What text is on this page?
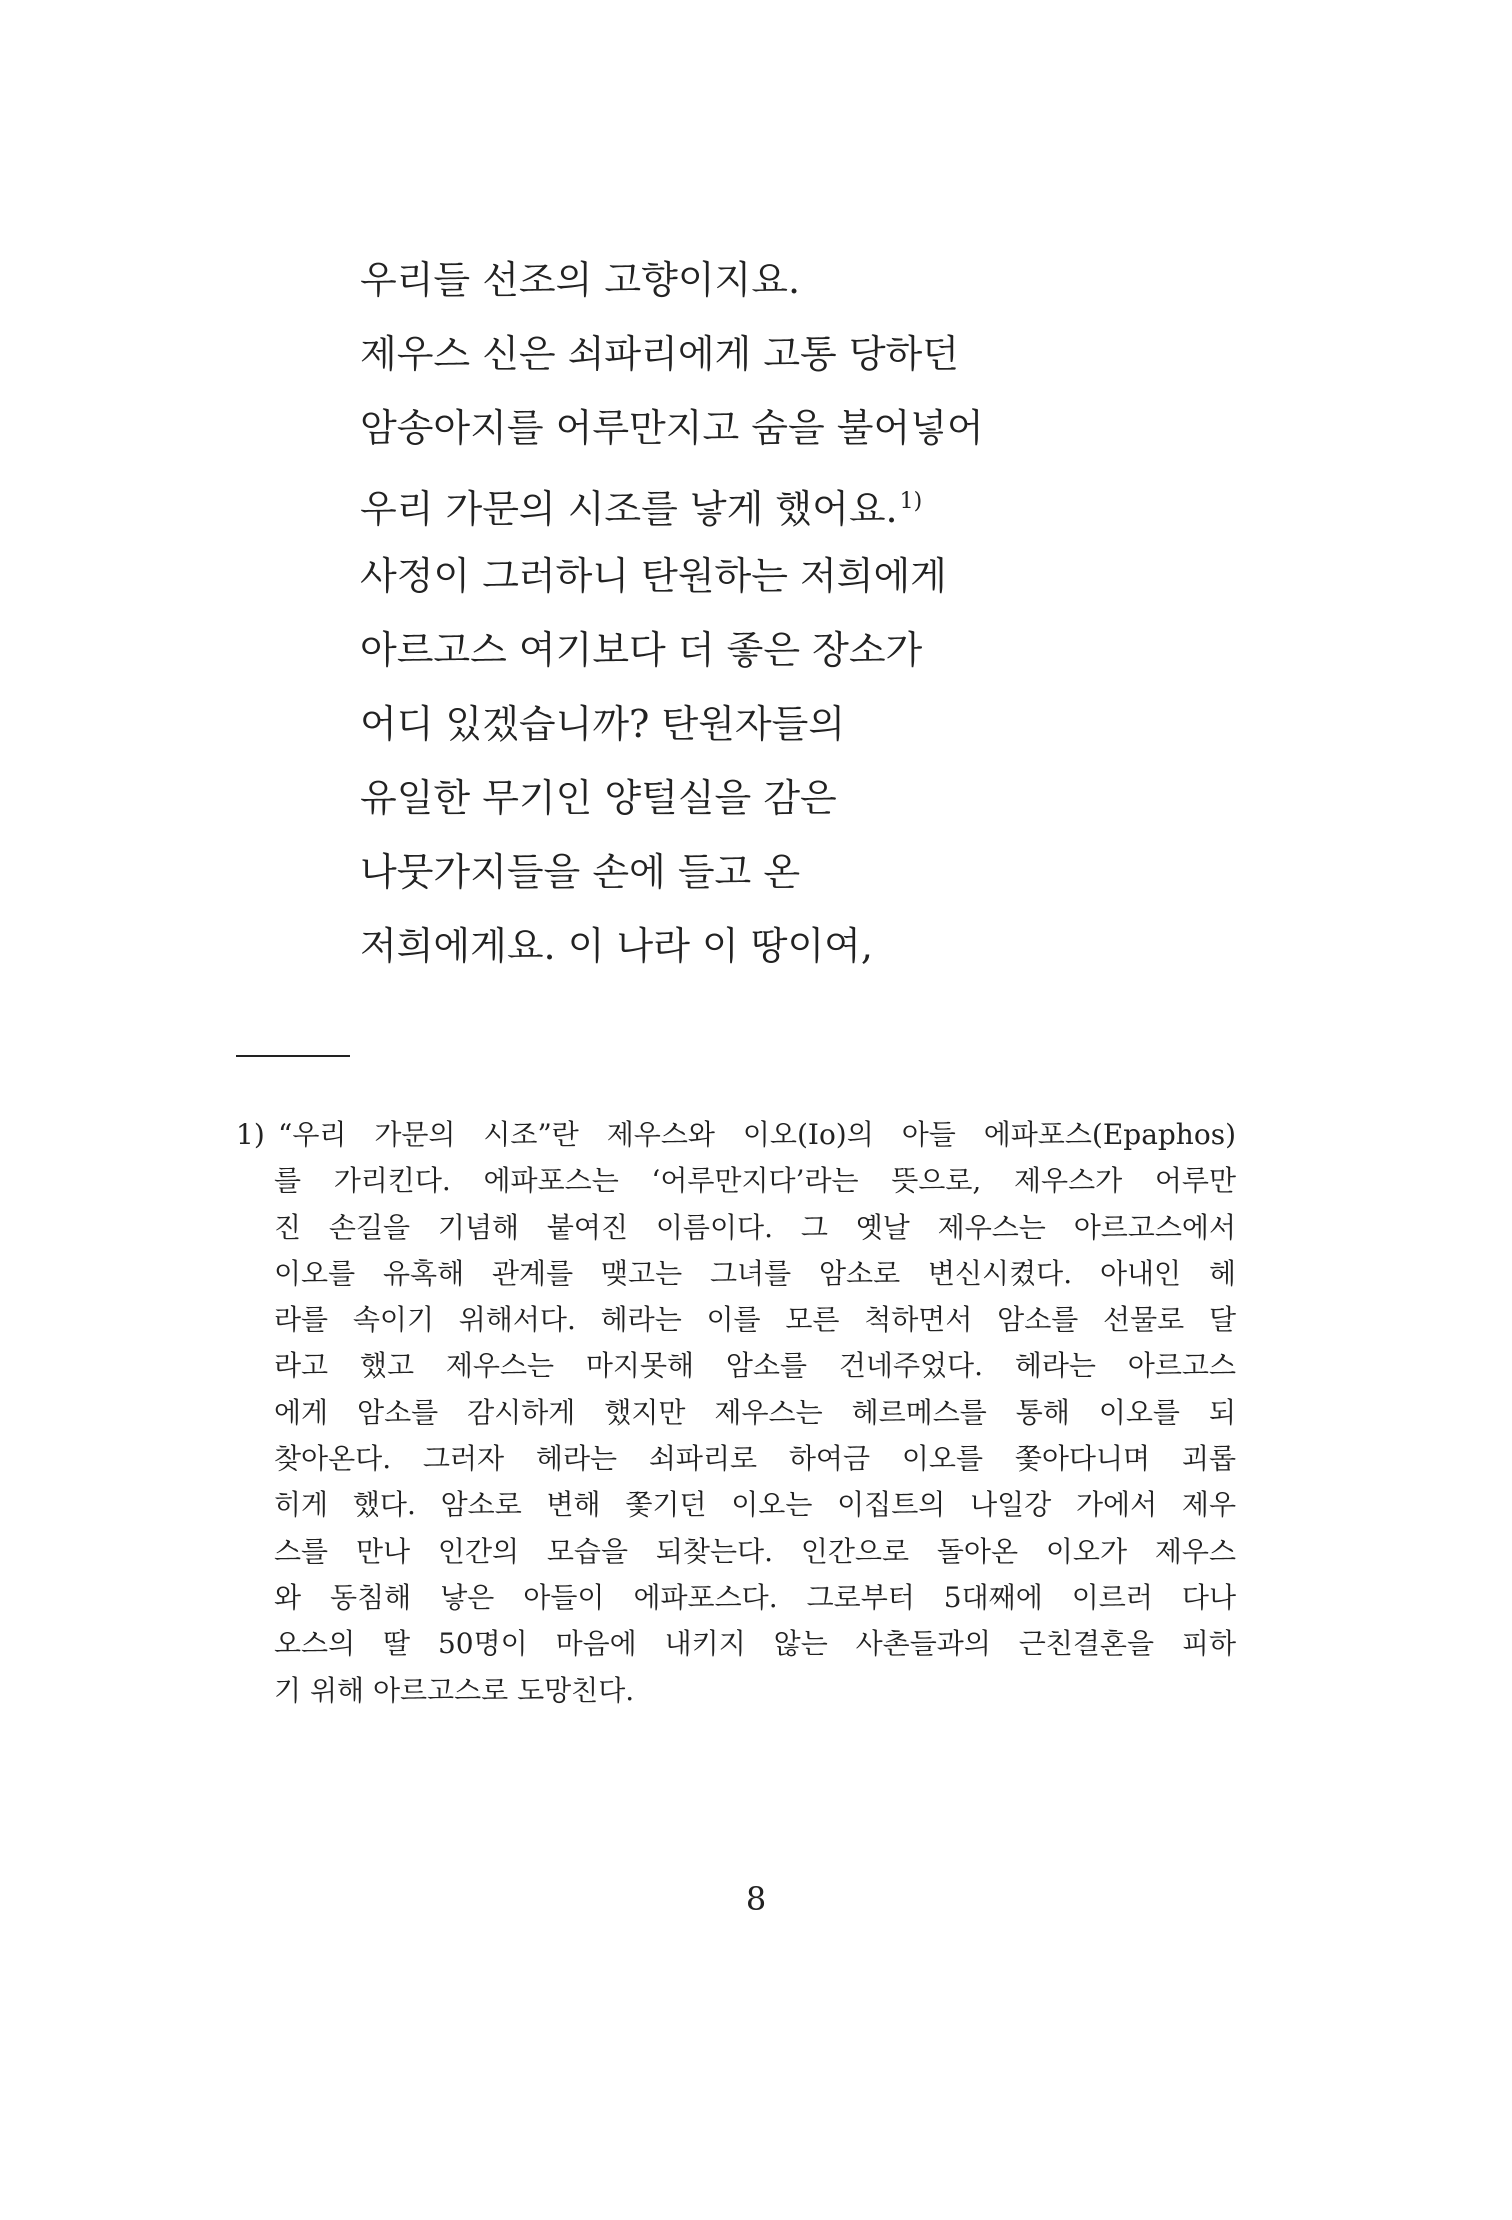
우리들 선조의 고향이지요.
제우스 신은 쇠파리에게 고통 당하던
암송아지를 어루만지고 숨을 불어넣어
우리 가문의 시조를 낳게 했어요.$^{1)}$
사정이 그러하니 탄원하는 저희에게
아르고스 여기보다 더 좋은 장소가
어디 있겠습니까? 탄원자들의
유일한 무기인 양털실을 감은
나뭇가지들을 손에 들고 온
저희에게요. 이 나라 이 땅이여,
1) “우리 가문의 시조”란 제우스와 이오(Io)의 아들 에파포스(Epaphos)
를 가리킨다. 에파포스는 ‘어루만지다’라는 뜻으로, 제우스가 어루만
진 손길을 기념해 붙여진 이름이다. 그 옛날 제우스는 아르고스에서
이오를 유혹해 관계를 맺고는 그녀를 암소로 변신시켰다. 아내인 헤
라를 속이기 위해서다. 헤라는 이를 모른 척하면서 암소를 선물로 달
라고 했고 제우스는 마지못해 암소를 건네주었다. 헤라는 아르고스
에게 암소를 감시하게 했지만 제우스는 헤르메스를 통해 이오를 되
찾아온다. 그러자 헤라는 쇠파리로 하여금 이오를 쫓아다니며 괴롭
히게 했다. 암소로 변해 쫓기던 이오는 이집트의 나일강 가에서 제우
스를 만나 인간의 모습을 되찾는다. 인간으로 돌아온 이오가 제우스
와 동침해 낳은 아들이 에파포스다. 그로부터 5대째에 이르러 다나
오스의 딸 50명이 마음에 내키지 않는 사촌들과의 근친결혼을 피하
기 위해 아르고스로 도망친다.
8
